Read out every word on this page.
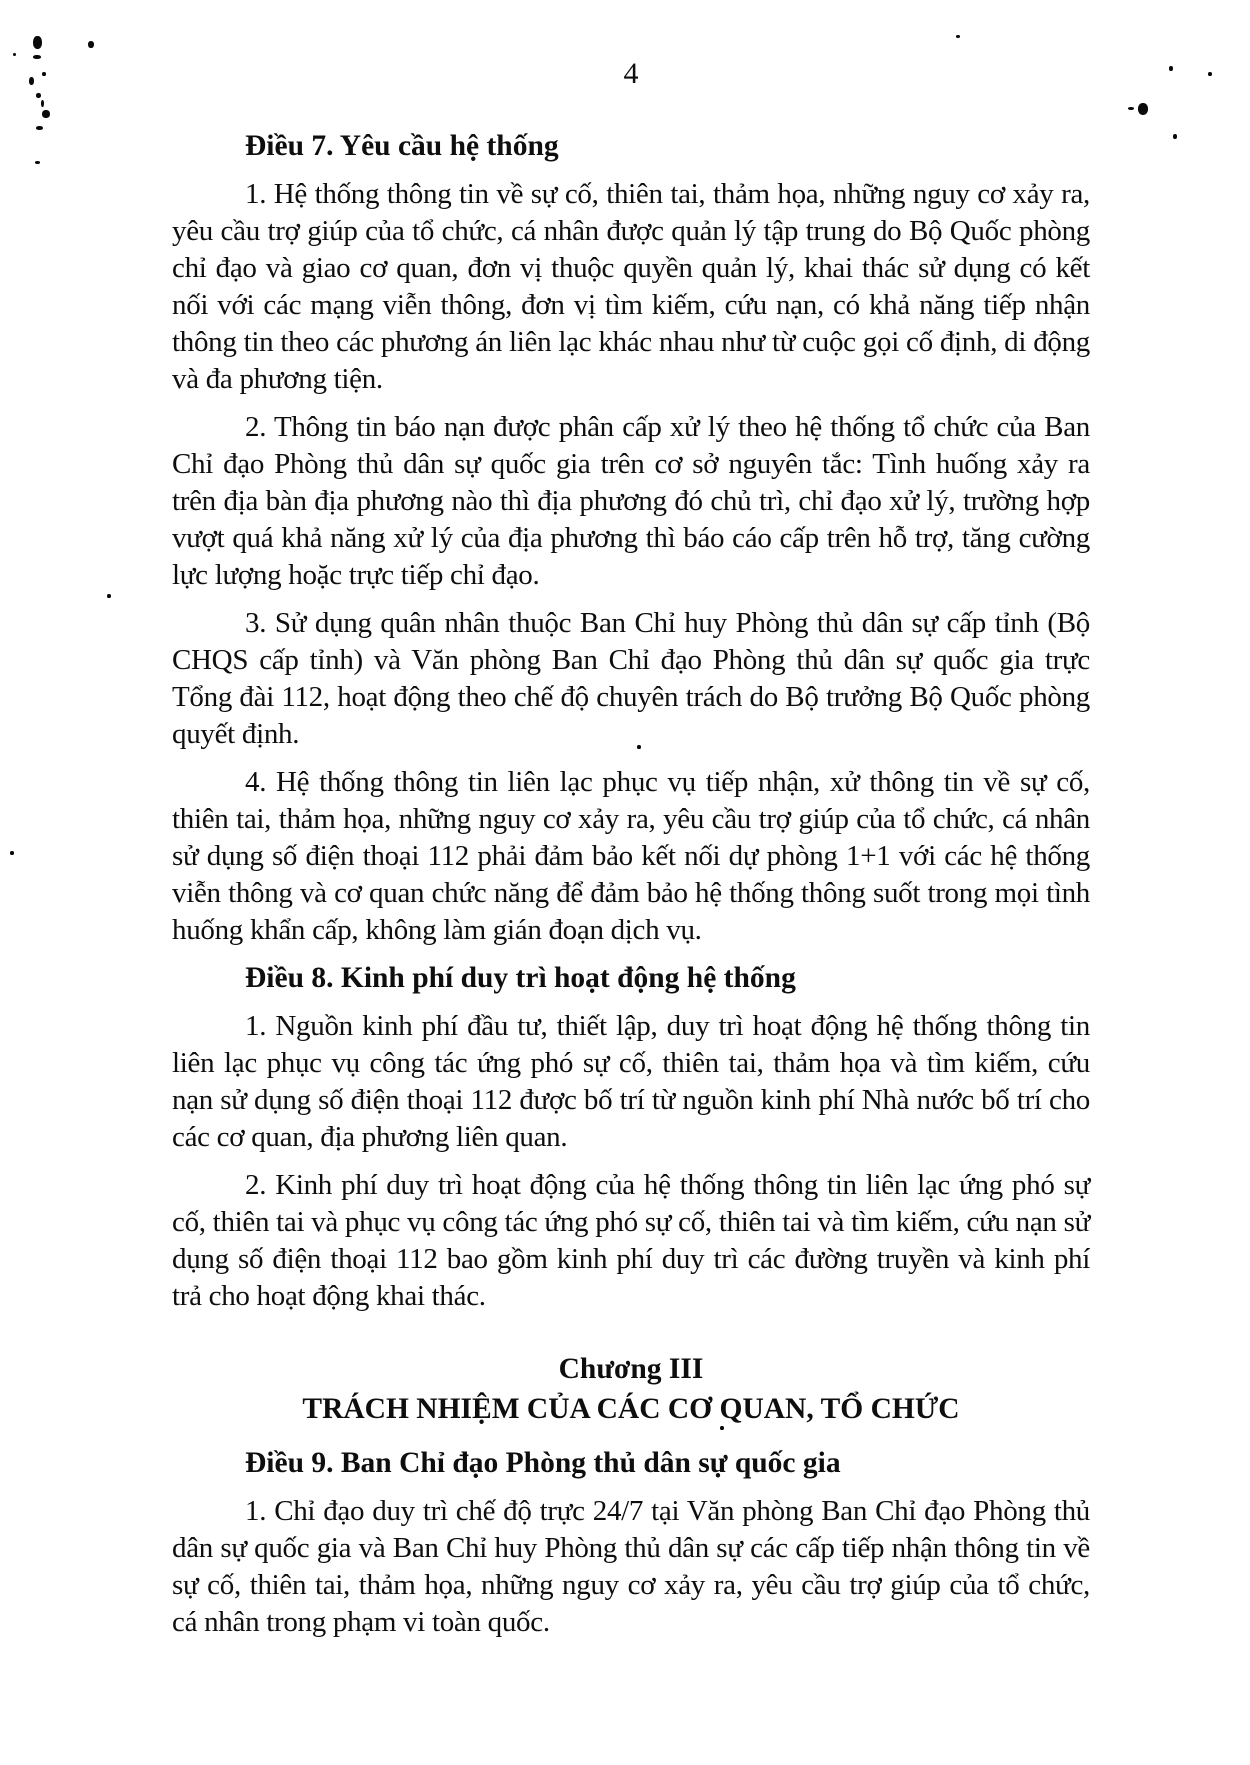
4
Điều 7. Yêu cầu hệ thống

1. Hệ thống thông tin về sự cố, thiên tai, thảm họa, những nguy cơ xảy ra, yêu cầu trợ giúp của tổ chức, cá nhân được quản lý tập trung do Bộ Quốc phòng chỉ đạo và giao cơ quan, đơn vị thuộc quyền quản lý, khai thác sử dụng có kết nối với các mạng viễn thông, đơn vị tìm kiếm, cứu nạn, có khả năng tiếp nhận thông tin theo các phương án liên lạc khác nhau như từ cuộc gọi cố định, di động và đa phương tiện.

2. Thông tin báo nạn được phân cấp xử lý theo hệ thống tổ chức của Ban Chỉ đạo Phòng thủ dân sự quốc gia trên cơ sở nguyên tắc: Tình huống xảy ra trên địa bàn địa phương nào thì địa phương đó chủ trì, chỉ đạo xử lý, trường hợp vượt quá khả năng xử lý của địa phương thì báo cáo cấp trên hỗ trợ, tăng cường lực lượng hoặc trực tiếp chỉ đạo.

3. Sử dụng quân nhân thuộc Ban Chỉ huy Phòng thủ dân sự cấp tỉnh (Bộ CHQS cấp tỉnh) và Văn phòng Ban Chỉ đạo Phòng thủ dân sự quốc gia trực Tổng đài 112, hoạt động theo chế độ chuyên trách do Bộ trưởng Bộ Quốc phòng quyết định.

4. Hệ thống thông tin liên lạc phục vụ tiếp nhận, xử thông tin về sự cố, thiên tai, thảm họa, những nguy cơ xảy ra, yêu cầu trợ giúp của tổ chức, cá nhân sử dụng số điện thoại 112 phải đảm bảo kết nối dự phòng 1+1 với các hệ thống viễn thông và cơ quan chức năng để đảm bảo hệ thống thông suốt trong mọi tình huống khẩn cấp, không làm gián đoạn dịch vụ.

Điều 8. Kinh phí duy trì hoạt động hệ thống

1. Nguồn kinh phí đầu tư, thiết lập, duy trì hoạt động hệ thống thông tin liên lạc phục vụ công tác ứng phó sự cố, thiên tai, thảm họa và tìm kiếm, cứu nạn sử dụng số điện thoại 112 được bố trí từ nguồn kinh phí Nhà nước bố trí cho các cơ quan, địa phương liên quan.

2. Kinh phí duy trì hoạt động của hệ thống thông tin liên lạc ứng phó sự cố, thiên tai và phục vụ công tác ứng phó sự cố, thiên tai và tìm kiếm, cứu nạn sử dụng số điện thoại 112 bao gồm kinh phí duy trì các đường truyền và kinh phí trả cho hoạt động khai thác.

Chương III
TRÁCH NHIỆM CỦA CÁC CƠ QUAN, TỔ CHỨC
Điều 9. Ban Chỉ đạo Phòng thủ dân sự quốc gia

1. Chỉ đạo duy trì chế độ trực 24/7 tại Văn phòng Ban Chỉ đạo Phòng thủ dân sự quốc gia và Ban Chỉ huy Phòng thủ dân sự các cấp tiếp nhận thông tin về sự cố, thiên tai, thảm họa, những nguy cơ xảy ra, yêu cầu trợ giúp của tổ chức, cá nhân trong phạm vi toàn quốc.
